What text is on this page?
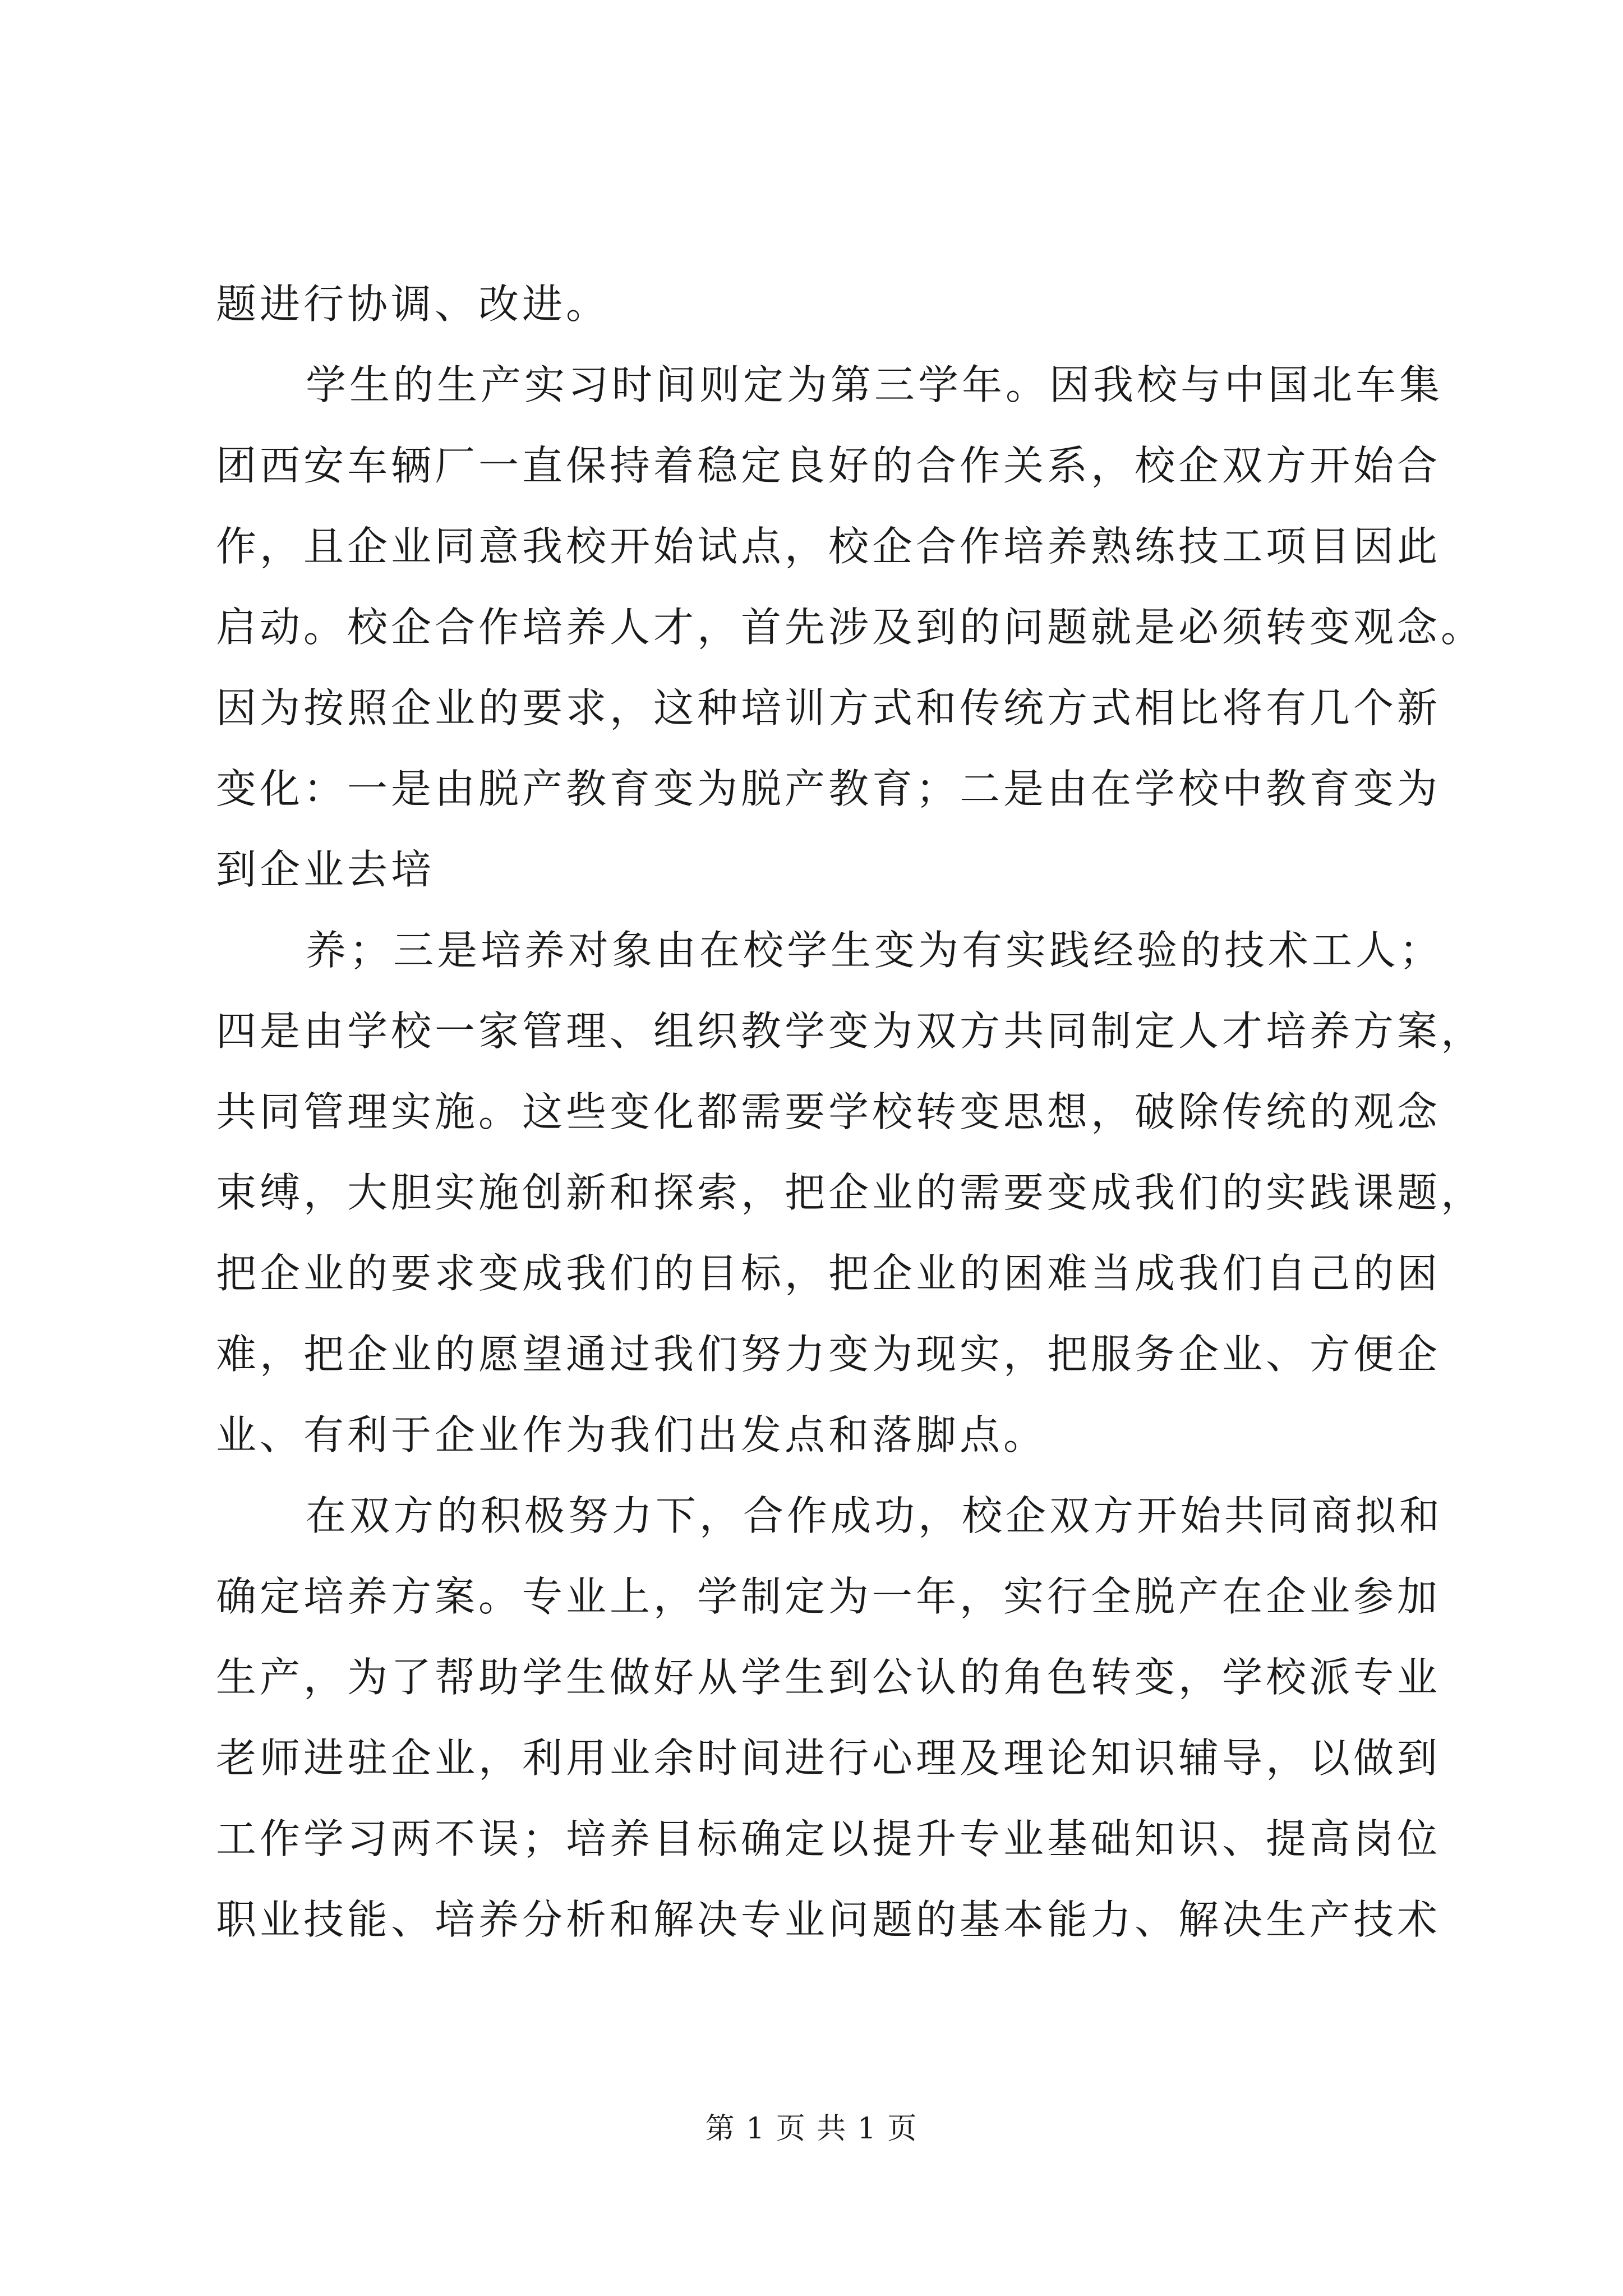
题进行协调、改进。
学生的生产实习时间则定为第三学年。因我校与中国北车集
团西安车辆厂一直保持着稳定良好的合作关系，校企双方开始合
作，且企业同意我校开始试点，校企合作培养熟练技工项目因此
启动。校企合作培养人才，首先涉及到的问题就是必须转变观念。
因为按照企业的要求，这种培训方式和传统方式相比将有几个新
变化：一是由脱产教育变为脱产教育；二是由在学校中教育变为
到企业去培
养；三是培养对象由在校学生变为有实践经验的技术工人；
四是由学校一家管理、组织教学变为双方共同制定人才培养方案，
共同管理实施。这些变化都需要学校转变思想，破除传统的观念
束缚，大胆实施创新和探索，把企业的需要变成我们的实践课题，
把企业的要求变成我们的目标，把企业的困难当成我们自己的困
难，把企业的愿望通过我们努力变为现实，把服务企业、方便企
业、有利于企业作为我们出发点和落脚点。
在双方的积极努力下，合作成功，校企双方开始共同商拟和
确定培养方案。专业上，学制定为一年，实行全脱产在企业参加
生产，为了帮助学生做好从学生到公认的角色转变，学校派专业
老师进驻企业，利用业余时间进行心理及理论知识辅导，以做到
工作学习两不误；培养目标确定以提升专业基础知识、提高岗位
职业技能、培养分析和解决专业问题的基本能力、解决生产技术
第 1 页 共 1 页
